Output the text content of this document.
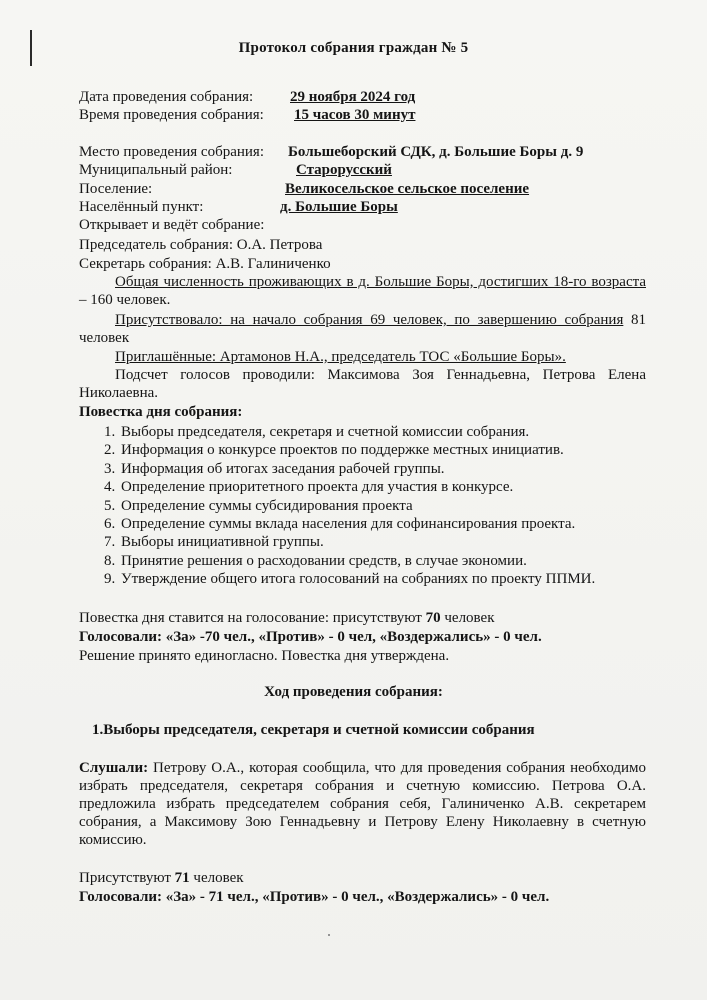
Протокол собрания граждан № 5
Дата проведения собрания: 29 ноября 2024 год
Время проведения собрания: 15 часов 30 минут
Место проведения собрания: Большеборский СДК, д. Большие Боры д. 9
Муниципальный район:	Старорусский
Поселение:	Великосельское сельское поселение
Населённый пункт:	д. Большие Боры
Открывает и ведёт собрание:
Председатель собрания: О.А. Петрова
Секретарь собрания: А.В. Галиниченко
Общая численность проживающих в д. Большие Боры, достигших 18-го возраста – 160 человек.
Присутствовало: на начало собрания 69 человек, по завершению собрания 81 человек
Приглашённые: Артамонов Н.А., председатель ТОС «Большие Боры».
Подсчет голосов проводили: Максимова Зоя Геннадьевна, Петрова Елена Николаевна.
Повестка дня собрания:
1. Выборы председателя, секретаря и счетной комиссии собрания.
2. Информация о конкурсе проектов по поддержке местных инициатив.
3. Информация об итогах заседания рабочей группы.
4. Определение приоритетного проекта для участия в конкурсе.
5. Определение суммы субсидирования проекта
6. Определение суммы вклада населения для софинансирования проекта.
7. Выборы инициативной группы.
8. Принятие решения о расходовании средств, в случае экономии.
9. Утверждение общего итога голосований на собраниях по проекту ППМИ.
Повестка дня ставится на голосование: присутствуют 70 человек
Голосовали: «За» -70 чел., «Против» - 0 чел, «Воздержались» - 0 чел.
Решение принято единогласно. Повестка дня утверждена.
Ход проведения собрания:
1.Выборы председателя, секретаря и счетной комиссии собрания
Слушали: Петрову О.А., которая сообщила, что для проведения собрания необходимо избрать председателя, секретаря собрания и счетную комиссию. Петрова О.А. предложила избрать председателем собрания себя, Галиниченко А.В. секретарем собрания, а Максимову Зою Геннадьевну и Петрову Елену Николаевну в счетную комиссию.
Присутствуют 71 человек
Голосовали: «За» - 71 чел., «Против» - 0 чел., «Воздержались» - 0 чел.
